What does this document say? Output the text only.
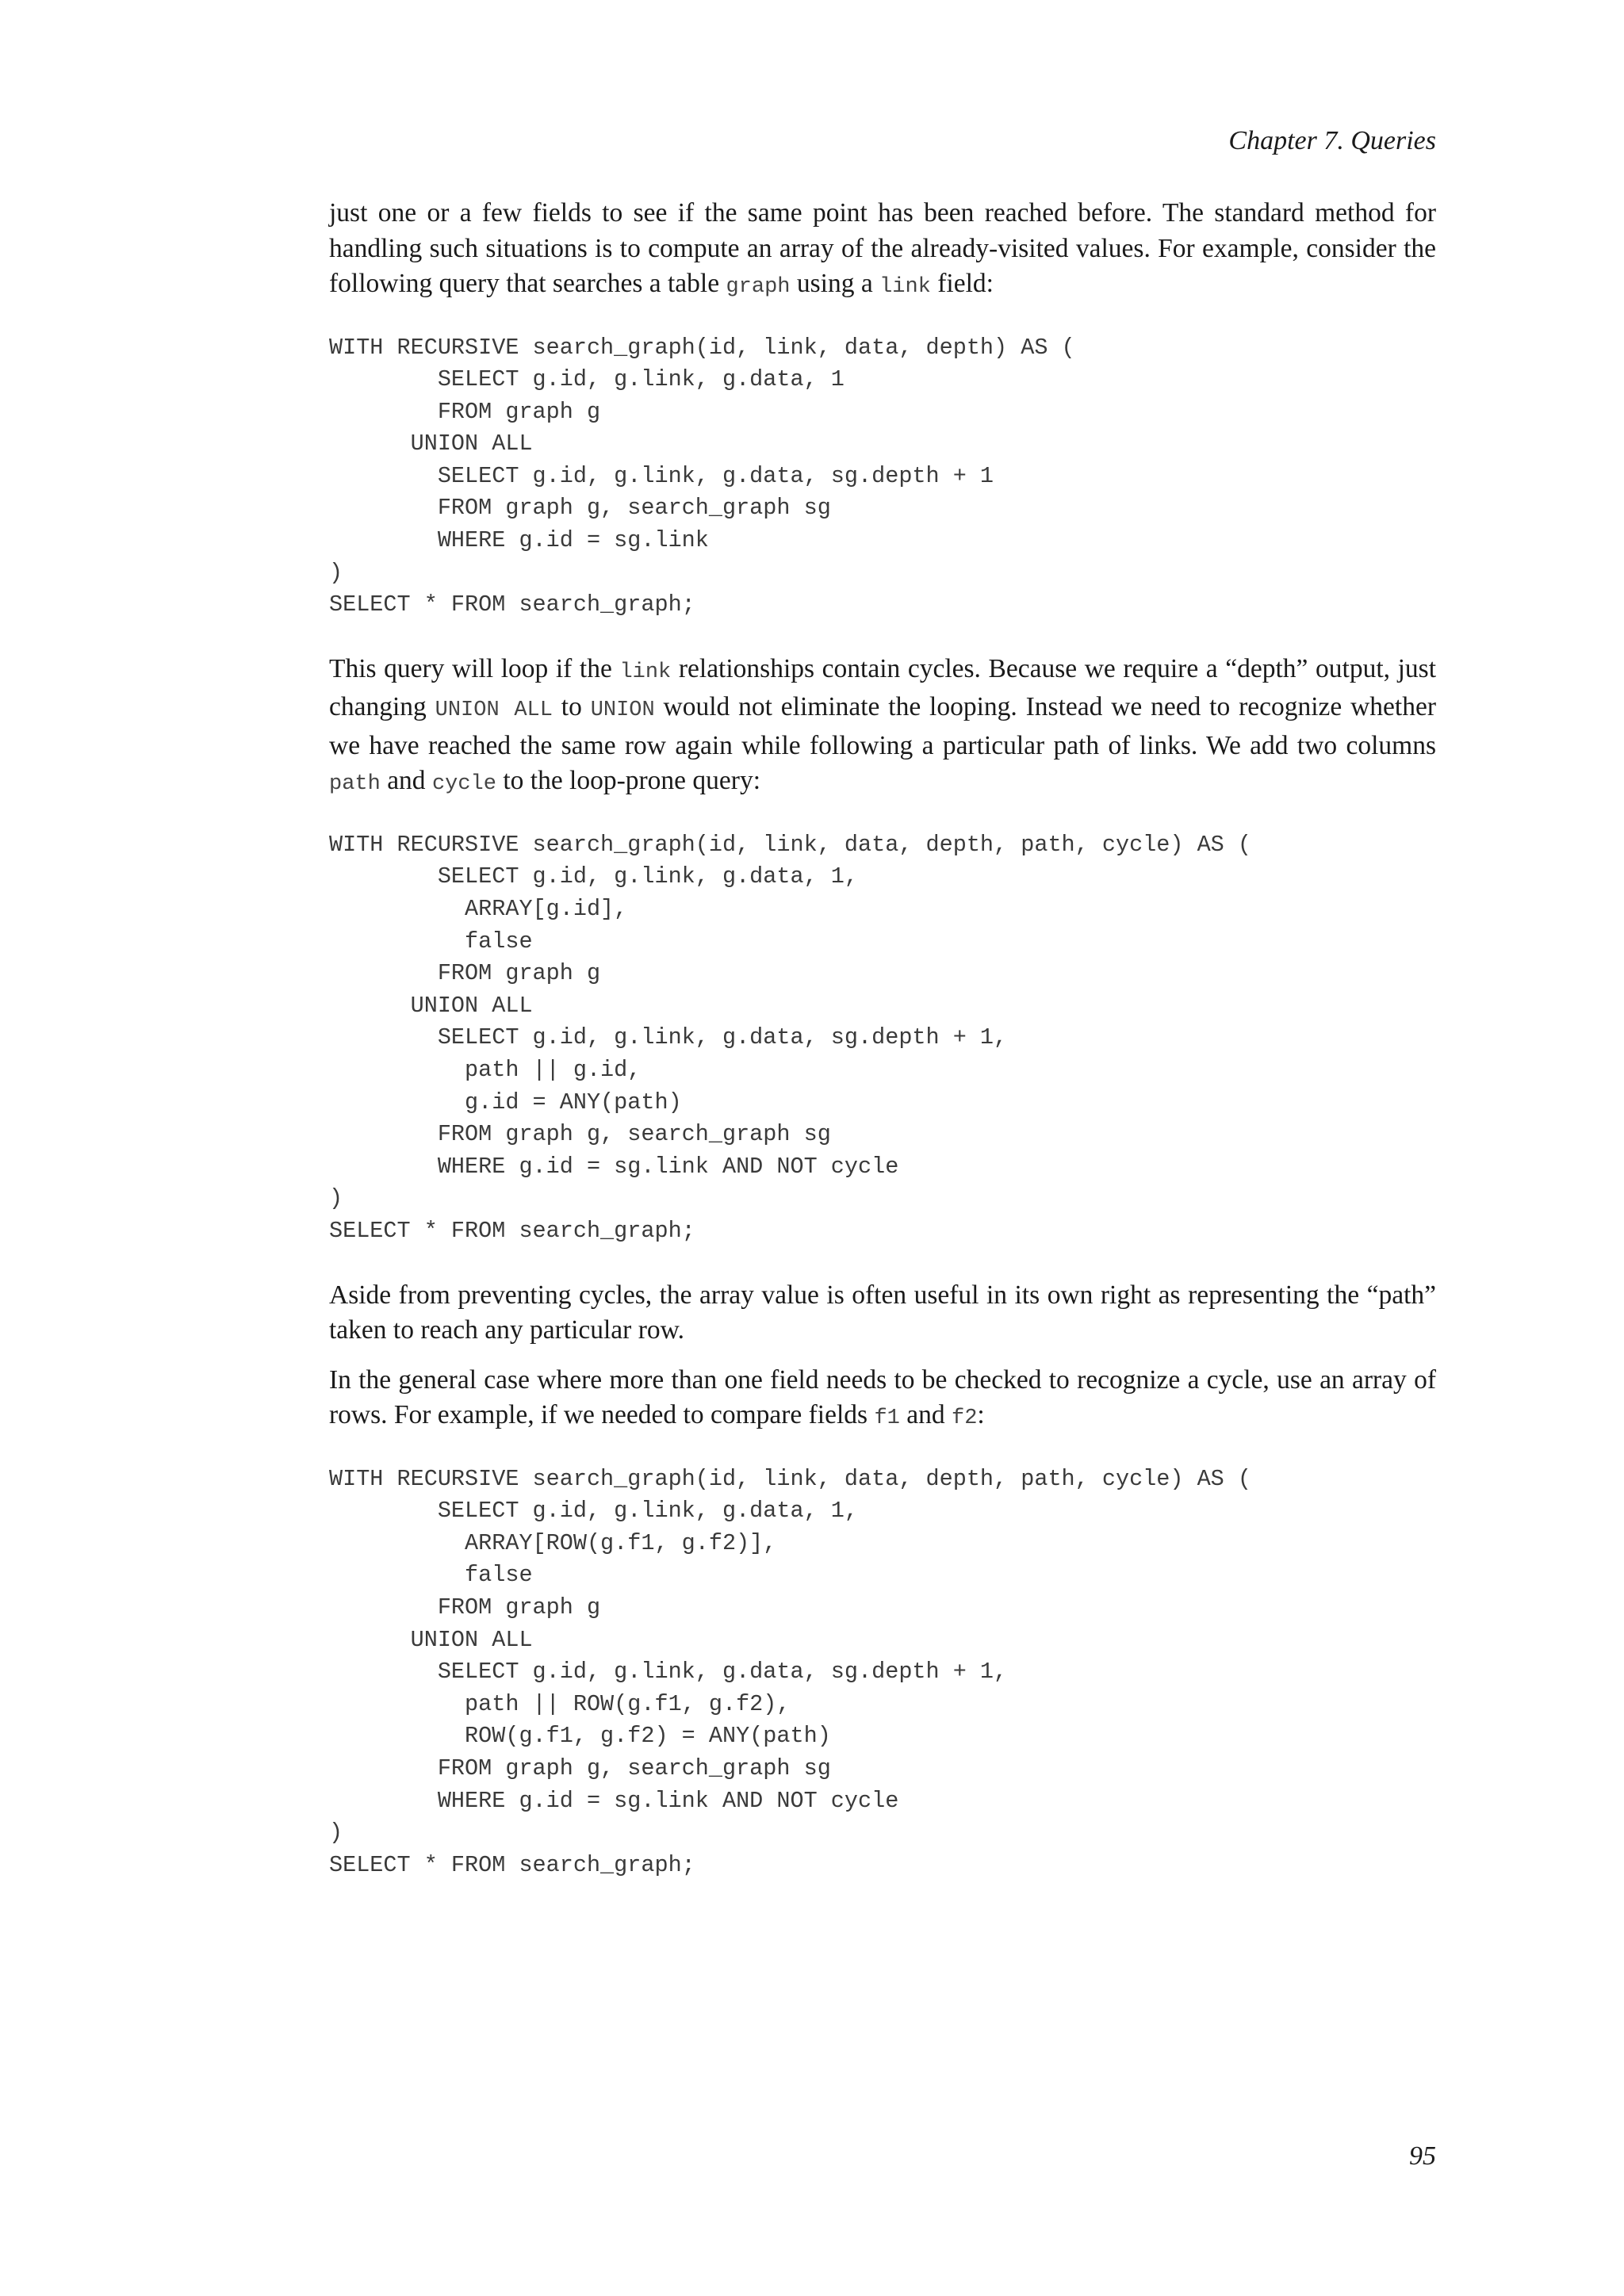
Chapter 7. Queries

just one or a few fields to see if the same point has been reached before. The standard method for handling such situations is to compute an array of the already-visited values. For example, consider the following query that searches a table graph using a link field:

WITH RECURSIVE search_graph(id, link, data, depth) AS (
SELECT g.id, g.link, g.data, 1
FROM graph g
UNION ALL
SELECT g.id, g.link, g.data, sg.depth + 1
FROM graph g, search_graph sg
WHERE g.id = sg.link
)
SELECT * FROM search_graph;

This query will loop if the link relationships contain cycles. Because we require a “depth” output, just changing UNION ALL to UNION would not eliminate the looping. Instead we need to recognize whether we have reached the same row again while following a particular path of links. We add two columns path and cycle to the loop-prone query:

WITH RECURSIVE search_graph(id, link, data, depth, path, cycle) AS (
SELECT g.id, g.link, g.data, 1,
ARRAY[g.id],
false
FROM graph g
UNION ALL
SELECT g.id, g.link, g.data, sg.depth + 1,
path || g.id,
g.id = ANY(path)
FROM graph g, search_graph sg
WHERE g.id = sg.link AND NOT cycle
)
SELECT * FROM search_graph;

Aside from preventing cycles, the array value is often useful in its own right as representing the “path” taken to reach any particular row.

In the general case where more than one field needs to be checked to recognize a cycle, use an array of rows. For example, if we needed to compare fields f1 and f2:

WITH RECURSIVE search_graph(id, link, data, depth, path, cycle) AS (
SELECT g.id, g.link, g.data, 1,
ARRAY[ROW(g.f1, g.f2)],
false
FROM graph g
UNION ALL
SELECT g.id, g.link, g.data, sg.depth + 1,
path || ROW(g.f1, g.f2),
ROW(g.f1, g.f2) = ANY(path)
FROM graph g, search_graph sg
WHERE g.id = sg.link AND NOT cycle
)
SELECT * FROM search_graph;

95
